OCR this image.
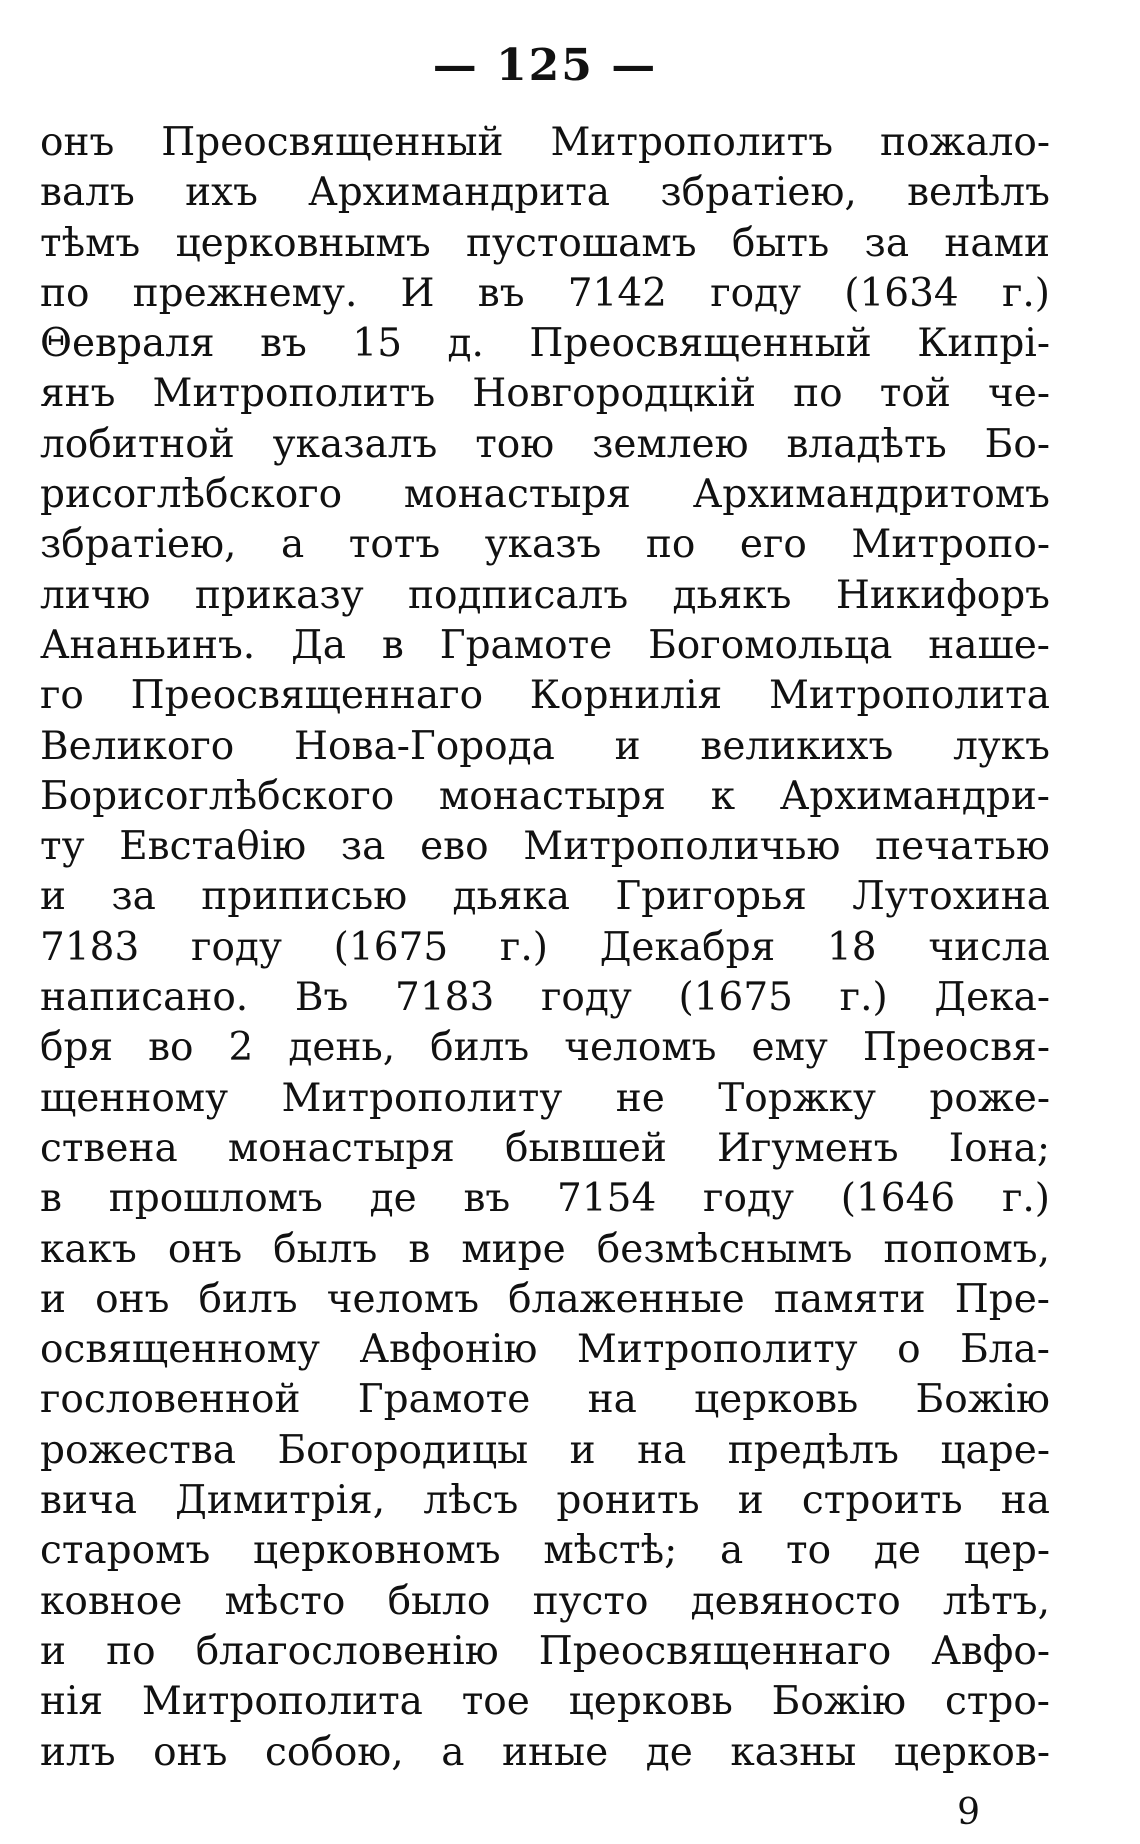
— 125 —
онъ Преосвященный Митрополитъ пожало-
валъ ихъ Архимандрита збратiею, велѣлъ
тѣмъ церковнымъ пустошамъ быть за нами
по прежнему. И въ 7142 году (1634 г.)
Θевраля въ 15 д. Преосвященный Кипрi-
янъ Митрополитъ Новгородцкiй по той че-
лобитной указалъ тою землею владѣть Бо-
рисоглѣбского монастыря Архимандритомъ
збратiею, а тотъ указъ по его Митропо-
личю приказу подписалъ дьякъ Никифоръ
Ананьинъ. Да в Грамоте Богомольца наше-
го Преосвященнаго Корнилiя Митрополита
Великого Нова-Города и великихъ лукъ
Борисоглѣбского монастыря к Архимандри-
ту Евстаθiю за ево Митрополичью печатью
и за приписью дьяка Григорья Лутохина
7183 году (1675 г.) Декабря 18 числа
написано. Въ 7183 году (1675 г.) Дека-
бря во 2 день, билъ челомъ ему Преосвя-
щенному Митрополиту не Торжку роже-
ствена монастыря бывшей Игуменъ Iона;
в прошломъ де въ 7154 году (1646 г.)
какъ онъ былъ в мире безмѣснымъ попомъ,
и онъ билъ челомъ блаженные памяти Пре-
освященному Авфонiю Митрополиту о Бла-
гословенной Грамоте на церковь Божiю
рожества Богородицы и на предѣлъ царе-
вича Димитрiя, лѣсъ ронить и строить на
старомъ церковномъ мѣстѣ; а то де цер-
ковное мѣсто было пусто девяносто лѣтъ,
и по благословенiю Преосвященнаго Авфо-
нiя Митрополита тое церковь Божiю стро-
илъ онъ собою, а иные де казны церков-
9
